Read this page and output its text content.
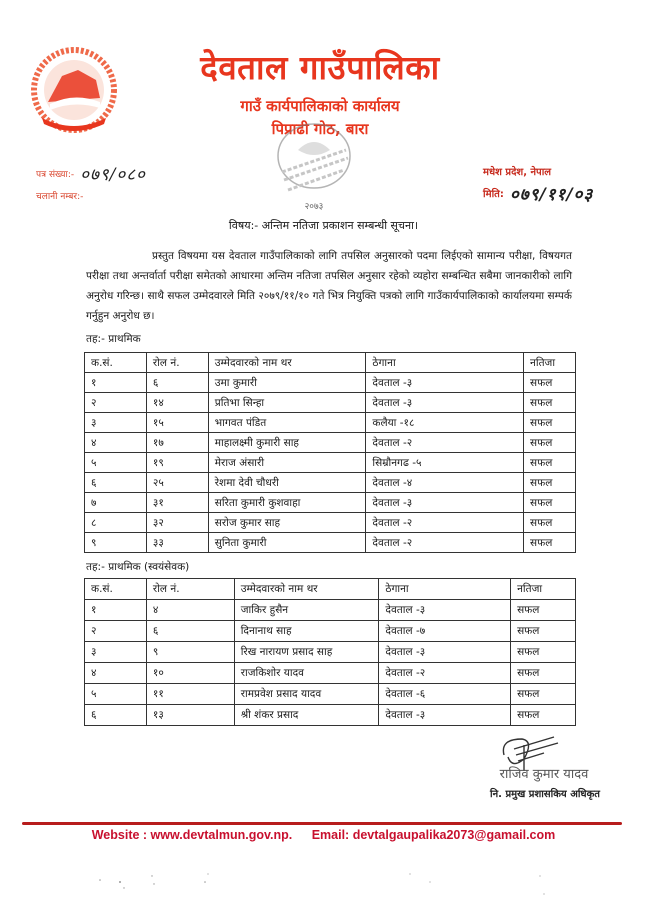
देवताल गाउँपालिका
गाउँ कार्यपालिकाको कार्यालय
पिप्राढी गोठ, बारा
२०७३
पत्र संख्या:- ०७९/०८०
चलानी नम्बर:-
मधेश प्रदेश, नेपाल
मिति: ०७९/११/०३
विषय:- अन्तिम नतिजा प्रकाशन सम्बन्धी सूचना।
प्रस्तुत विषयमा यस देवताल गाउँपालिकाको लागि तपसिल अनुसारको पदमा लिईएको सामान्य परीक्षा, विषयगत परीक्षा तथा अन्तर्वार्ता परीक्षा समेतको आधारमा अन्तिम नतिजा तपसिल अनुसार रहेको व्यहोरा सम्बन्धित सबैमा जानकारीको लागि अनुरोध गरिन्छ। साथै सफल उम्मेदवारले मिति २०७९/११/१० गते भित्र नियुक्ति पत्रको लागि गाउँकार्यपालिकाको कार्यालयमा सम्पर्क गर्नुहुन अनुरोध छ।
तह:- प्राथमिक
क.सं.	रोल नं.	उम्मेदवारको नाम थर	ठेगाना	नतिजा
१	६	उमा कुमारी	देवताल -३	सफल
२	१४	प्रतिभा सिन्हा	देवताल -३	सफल
३	१५	भागवत पंडित	कलैया -१८	सफल
४	१७	माहालक्ष्मी कुमारी साह	देवताल -२	सफल
५	१९	मेराज अंसारी	सिम्रौनगढ -५	सफल
६	२५	रेशमा देवी चौधरी	देवताल -४	सफल
७	३१	सरिता कुमारी कुशवाहा	देवताल -३	सफल
८	३२	सरोज कुमार साह	देवताल -२	सफल
९	३३	सुनिता कुमारी	देवताल -२	सफल
तह:- प्राथमिक (स्वयंसेवक)
क.सं.	रोल नं.	उम्मेदवारको नाम थर	ठेगाना	नतिजा
१	४	जाकिर हुसैन	देवताल -३	सफल
२	६	दिनानाथ साह	देवताल -७	सफल
३	९	रिख नारायण प्रसाद साह	देवताल -३	सफल
४	१०	राजकिशोर यादव	देवताल -२	सफल
५	११	रामप्रवेश प्रसाद यादव	देवताल -६	सफल
६	१३	श्री शंकर प्रसाद	देवताल -३	सफल
राजिव कुमार यादव
नि. प्रमुख प्रशासकिय अधिकृत
Website : www.devtalmun.gov.np. Email: devtalgaupalika2073@gamail.com
